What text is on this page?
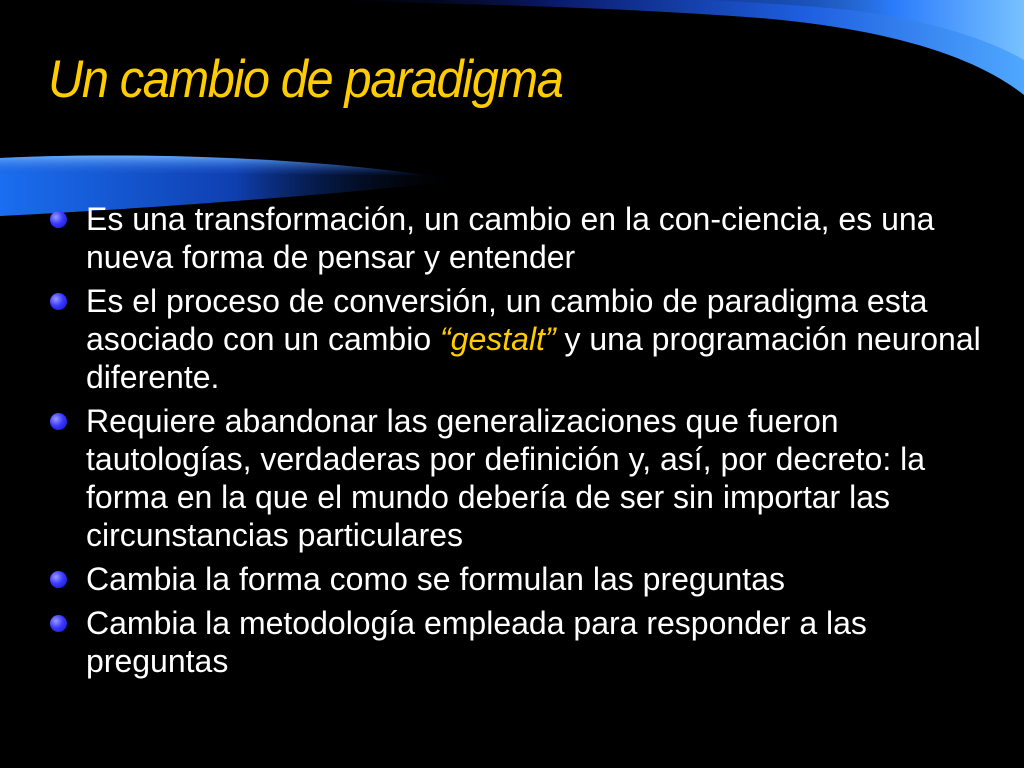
Un cambio de paradigma
Es una transformación, un cambio en la con-ciencia, es una nueva forma de pensar y entender
Es el proceso de conversión, un cambio de paradigma esta asociado con un cambio “gestalt” y una programación neuronal diferente.
Requiere abandonar las generalizaciones que fueron tautologías, verdaderas por definición y, así, por decreto: la forma en la que el mundo debería de ser sin importar las circunstancias particulares
Cambia la forma como se formulan las preguntas
Cambia la metodología empleada para responder a las preguntas
